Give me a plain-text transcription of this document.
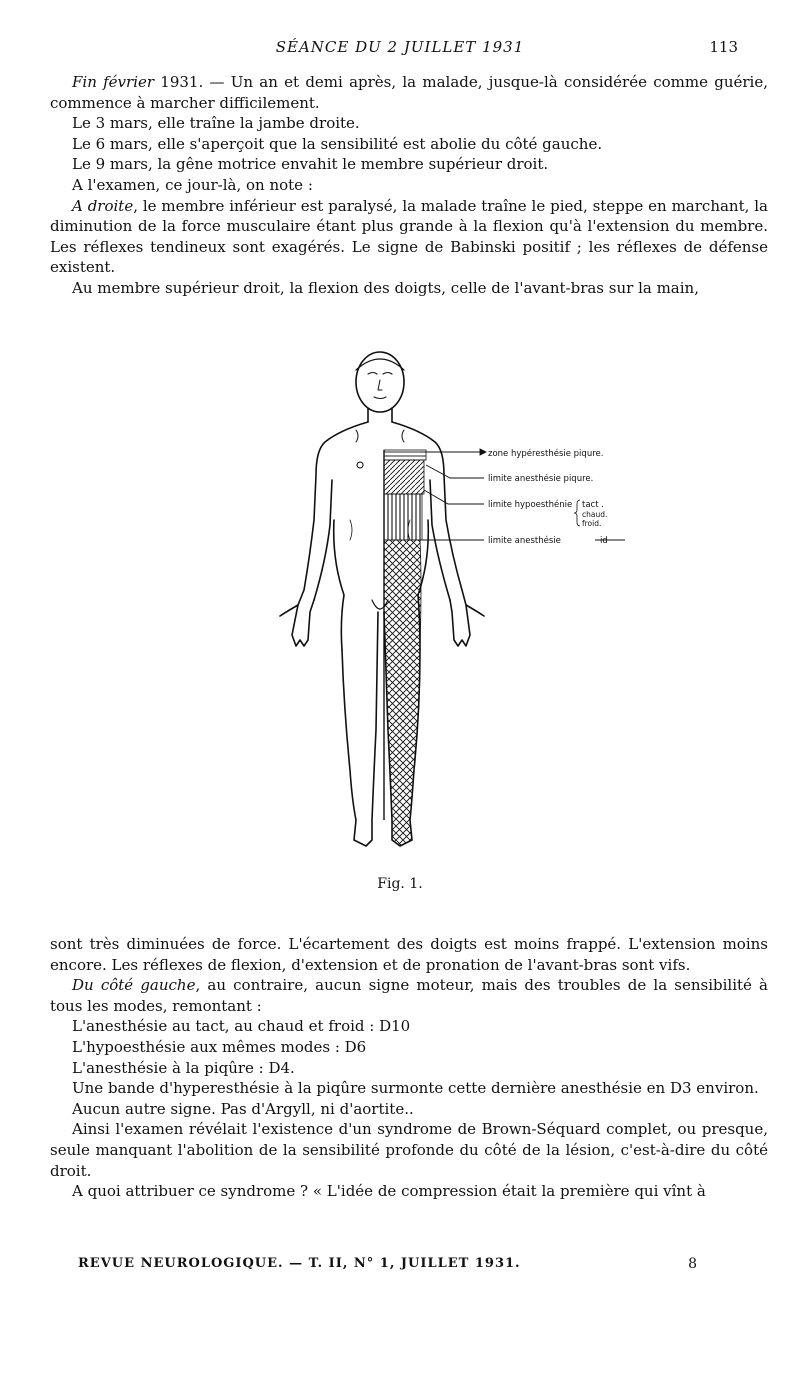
SÉANCE DU 2 JUILLET 1931	113

Fin février 1931. — Un an et demi après, la malade, jusque-là considérée comme guérie, commence à marcher difficilement.

Le 3 mars, elle traîne la jambe droite.

Le 6 mars, elle s'aperçoit que la sensibilité est abolie du côté gauche.

Le 9 mars, la gêne motrice envahit le membre supérieur droit.

A l'examen, ce jour-là, on note :

A droite, le membre inférieur est paralysé, la malade traîne le pied, steppe en marchant, la diminution de la force musculaire étant plus grande à la flexion qu'à l'extension du membre. Les réflexes tendineux sont exagérés. Le signe de Babinski positif ; les réflexes de défense existent.

Au membre supérieur droit, la flexion des doigts, celle de l'avant-bras sur la main,

zone hypéresthésie piqure.
limite anesthésie piqure.
limite hypoesthénie tact .
chaud.
froid.
limite anesthésie	id
Fig. 1.

sont très diminuées de force. L'écartement des doigts est moins frappé. L'extension moins encore. Les réflexes de flexion, d'extension et de pronation de l'avant-bras sont vifs.

Du côté gauche, au contraire, aucun signe moteur, mais des troubles de la sensibilité à tous les modes, remontant :

L'anesthésie au tact, au chaud et froid : D10

L'hypoesthésie aux mêmes modes : D6

L'anesthésie à la piqûre : D4.

Une bande d'hyperesthésie à la piqûre surmonte cette dernière anesthésie en D3 environ.

Aucun autre signe. Pas d'Argyll, ni d'aortite..

Ainsi l'examen révélait l'existence d'un syndrome de Brown-Séquard complet, ou presque, seule manquant l'abolition de la sensibilité profonde du côté de la lésion, c'est-à-dire du côté droit.

A quoi attribuer ce syndrome ? « L'idée de compression était la première qui vînt à

REVUE NEUROLOGIQUE. — T. II, N° 1, JUILLET 1931.	8
